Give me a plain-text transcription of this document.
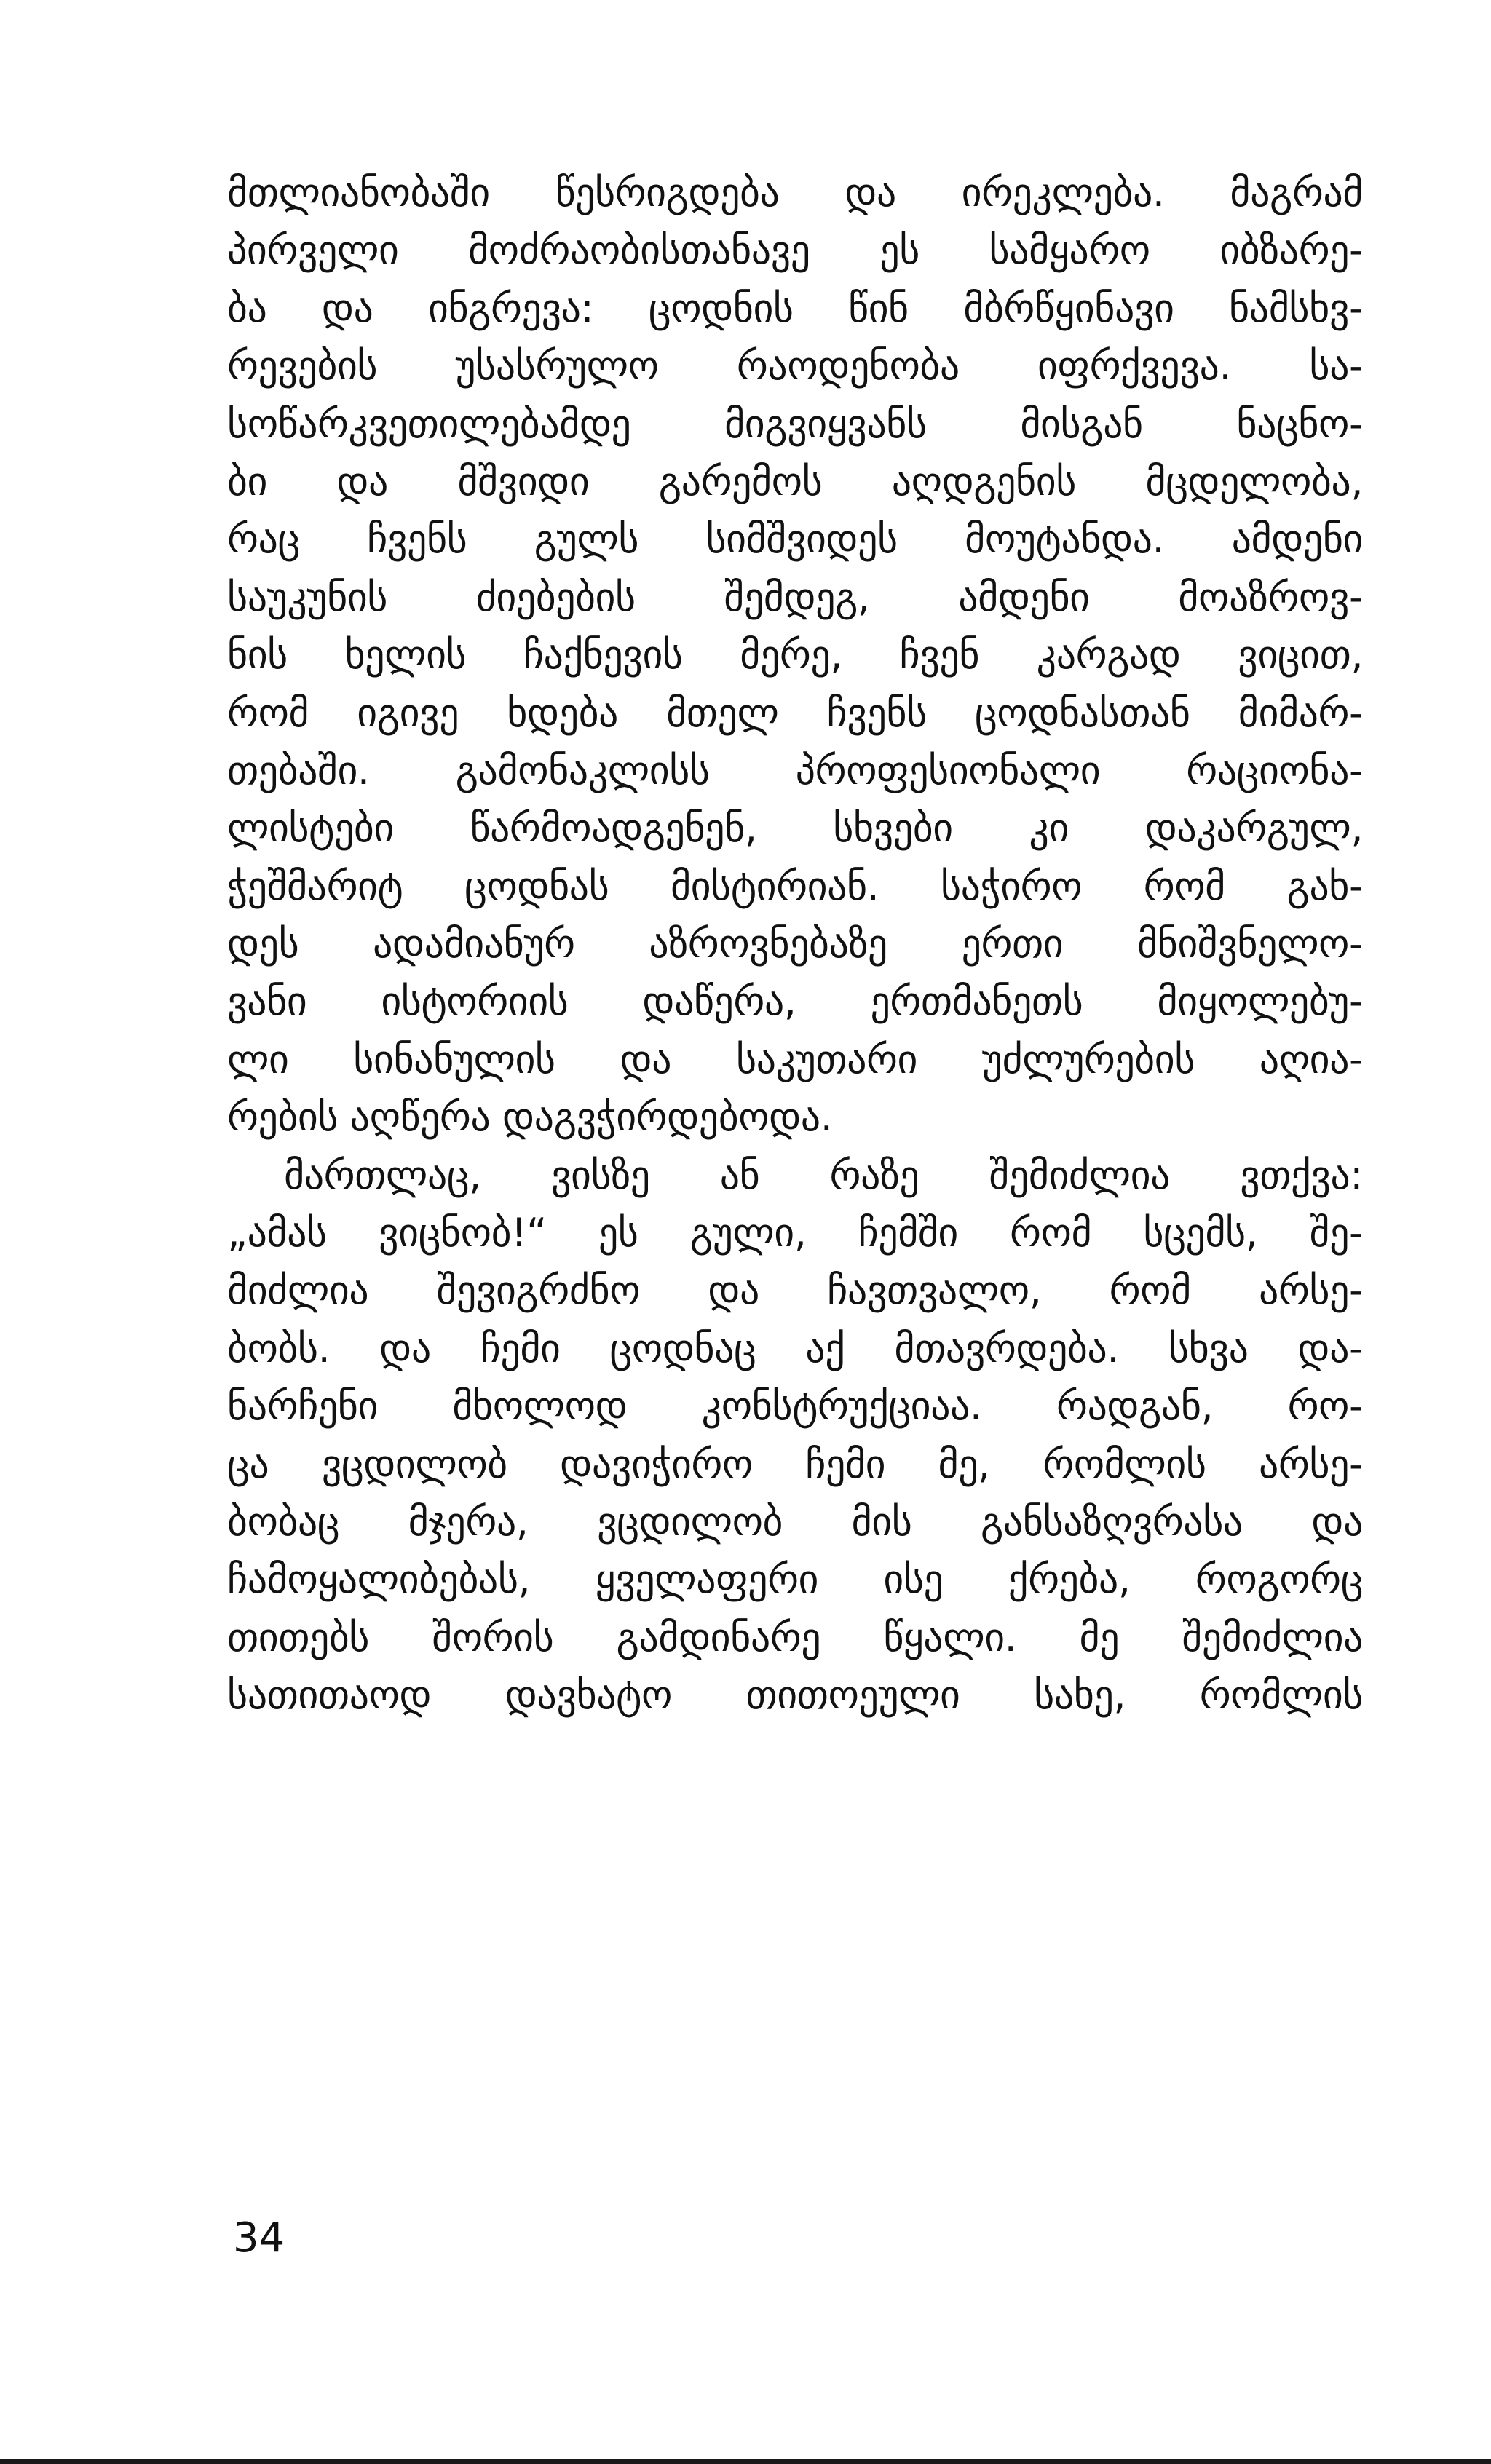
მთლიანობაში წესრიგდება და ირეკლება. მაგრამ
პირველი მოძრაობისთანავე ეს სამყარო იბზარე-
ბა და ინგრევა: ცოდნის წინ მბრწყინავი ნამსხვ-
რევების უსასრულო რაოდენობა იფრქვევა. სა-
სოწარკვეთილებამდე მიგვიყვანს მისგან ნაცნო-
ბი და მშვიდი გარემოს აღდგენის მცდელობა,
რაც ჩვენს გულს სიმშვიდეს მოუტანდა. ამდენი
საუკუნის ძიებების შემდეგ, ამდენი მოაზროვ-
ნის ხელის ჩაქნევის მერე, ჩვენ კარგად ვიცით,
რომ იგივე ხდება მთელ ჩვენს ცოდნასთან მიმარ-
თებაში. გამონაკლისს პროფესიონალი რაციონა-
ლისტები წარმოადგენენ, სხვები კი დაკარგულ,
ჭეშმარიტ ცოდნას მისტირიან. საჭირო რომ გახ-
დეს ადამიანურ აზროვნებაზე ერთი მნიშვნელო-
ვანი ისტორიის დაწერა, ერთმანეთს მიყოლებუ-
ლი სინანულის და საკუთარი უძლურების აღია-
რების აღწერა დაგვჭირდებოდა.
მართლაც, ვისზე ან რაზე შემიძლია ვთქვა:
„ამას ვიცნობ!“ ეს გული, ჩემში რომ სცემს, შე-
მიძლია შევიგრძნო და ჩავთვალო, რომ არსე-
ბობს. და ჩემი ცოდნაც აქ მთავრდება. სხვა და-
ნარჩენი მხოლოდ კონსტრუქციაა. რადგან, რო-
ცა ვცდილობ დავიჭირო ჩემი მე, რომლის არსე-
ბობაც მჯერა, ვცდილობ მის განსაზღვრასა და
ჩამოყალიბებას, ყველაფერი ისე ქრება, როგორც
თითებს შორის გამდინარე წყალი. მე შემიძლია
სათითაოდ დავხატო თითოეული სახე, რომლის
34
